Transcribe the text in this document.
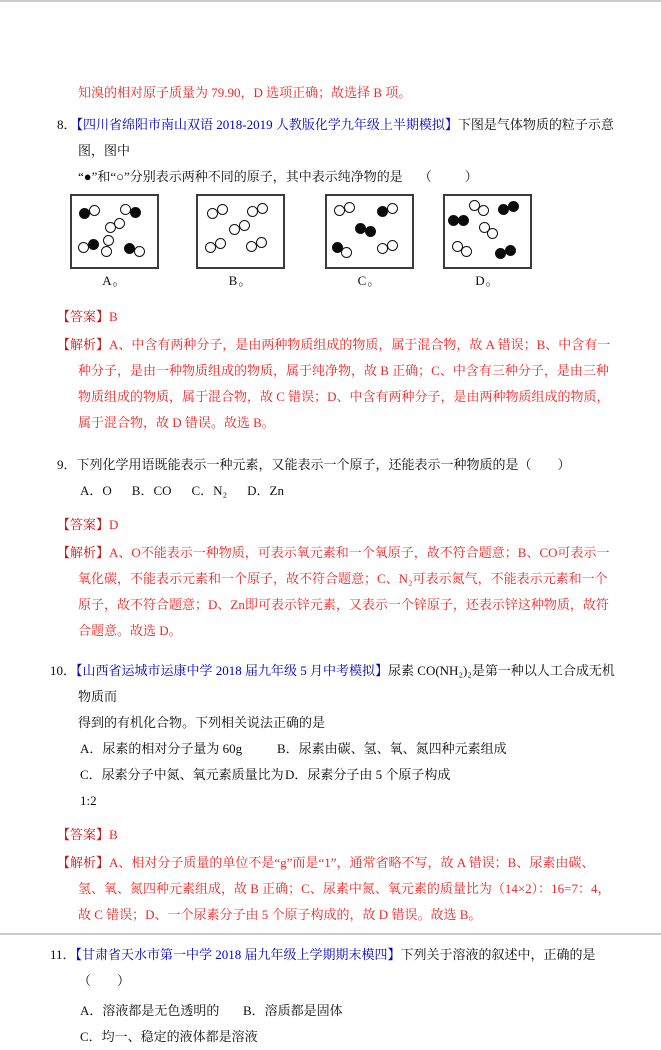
知溴的相对原子质量为 79.90，D 选项正确；故选择 B 项。
8．【四川省绵阳市南山双语 2018-2019 人教版化学九年级上半期模拟】下图是气体物质的粒子示意图，图中
“●”和“○”分别表示两种不同的原子，其中表示纯净物的是 （　）
A。	B。	C。	D。
【答案】B
【解析】A、中含有两种分子，是由两种物质组成的物质，属于混合物，故 A 错误；B、中含有一种分子，是由一种物质组成的物质，属于纯净物，故 B 正确；C、中含有三种分子，是由三种物质组成的物质，属于混合物，故 C 错误；D、中含有两种分子，是由两种物质组成的物质，属于混合物，故 D 错误。故选 B。
9．下列化学用语既能表示一种元素，又能表示一个原子，还能表示一种物质的是（　　）
A．O B．CO C．N₂ D．Zn
【答案】D
【解析】A、O不能表示一种物质，可表示氧元素和一个氧原子，故不符合题意；B、CO可表示一氧化碳，不能表示元素和一个原子，故不符合题意；C、N₂可表示氮气，不能表示元素和一个原子，故不符合题意；D、Zn即可表示锌元素，又表示一个锌原子，还表示锌这种物质，故符合题意。故选 D。
10．【山西省运城市运康中学 2018 届九年级 5 月中考模拟】尿素 CO(NH₂)₂是第一种以人工合成无机物质而
得到的有机化合物。下列相关说法正确的是
A．尿素的相对分子量为 60g	B．尿素由碳、氢、氧、氮四种元素组成
C．尿素分子中氮、氧元素质量比为 1:2
D．尿素分子由 5 个原子构成
【答案】B
【解析】A、相对分子质量的单位不是“g”而是“1”，通常省略不写，故 A 错误；B、尿素由碳、氢、氧、氮四种元素组成，故 B 正确；C、尿素中氮、氧元素的质量比为（14×2）：16=7：4，故 C 错误；D、一个尿素分子由 5 个原子构成的，故 D 错误。故选 B。
11．【甘肃省天水市第一中学 2018 届九年级上学期期末模四】下列关于溶液的叙述中，正确的是（　　）
A．溶液都是无色透明的	B．溶质都是固体
C．均一、稳定的液体都是溶液
